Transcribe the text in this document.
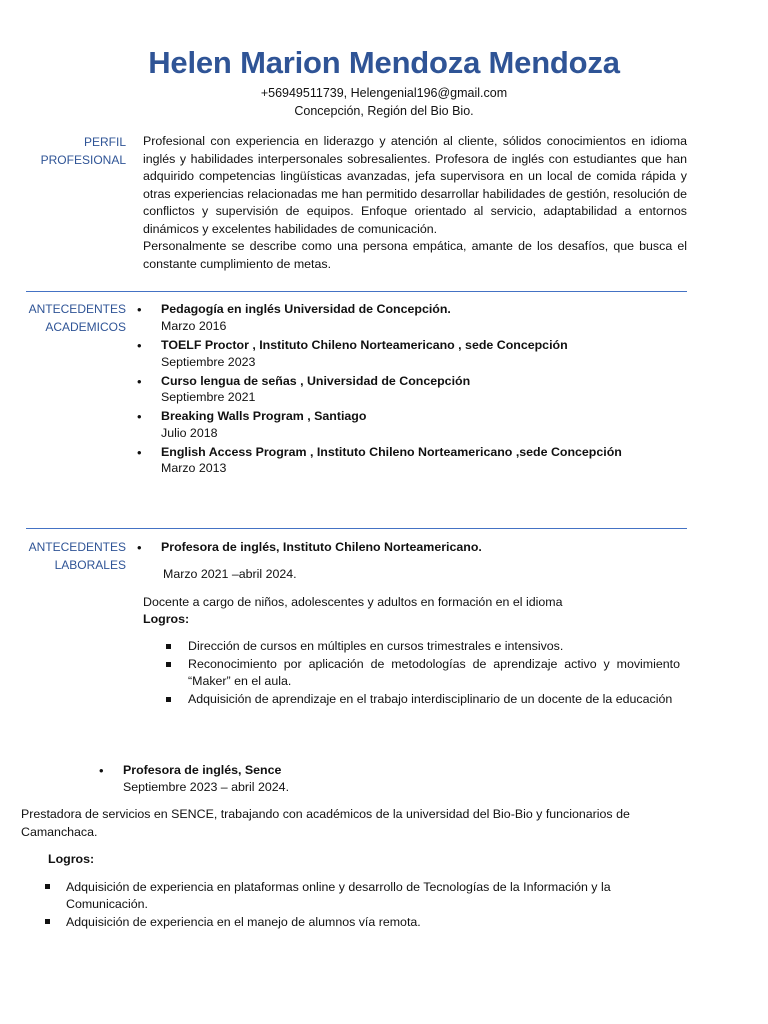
Helen Marion Mendoza Mendoza
+56949511739, Helengenial196@gmail.com
Concepción, Región del Bio Bio.
PERFIL
PROFESIONAL
Profesional con experiencia en liderazgo y atención al cliente, sólidos conocimientos en idioma inglés y habilidades interpersonales sobresalientes. Profesora de inglés con estudiantes que han adquirido competencias lingüísticas avanzadas, jefa supervisora en un local de comida rápida y otras experiencias relacionadas me han permitido desarrollar habilidades de gestión, resolución de conflictos y supervisión de equipos. Enfoque orientado al servicio, adaptabilidad a entornos dinámicos y excelentes habilidades de comunicación.
Personalmente se describe como una persona empática, amante de los desafíos, que busca el constante cumplimiento de metas.
ANTECEDENTES
ACADEMICOS
• Pedagogía en inglés Universidad de Concepción.
Marzo 2016
• TOELF Proctor , Instituto Chileno Norteamericano , sede Concepción
Septiembre 2023
• Curso lengua de señas , Universidad de Concepción
Septiembre 2021
• Breaking Walls Program , Santiago
Julio 2018
• English Access Program , Instituto Chileno Norteamericano ,sede Concepción
Marzo 2013
ANTECEDENTES
LABORALES
• Profesora de inglés, Instituto Chileno Norteamericano.
Marzo 2021 –abril 2024.
Docente a cargo de niños, adolescentes y adultos en formación en el idioma
Logros:
Dirección de cursos en múltiples en cursos trimestrales e intensivos.
Reconocimiento por aplicación de metodologías de aprendizaje activo y movimiento “Maker” en el aula.
Adquisición de aprendizaje en el trabajo interdisciplinario de un docente de la educación
• Profesora de inglés, Sence
Septiembre 2023 – abril 2024.
Prestadora de servicios en SENCE, trabajando con académicos de la universidad del Bio-Bio y funcionarios de Camanchaca.
Logros:
Adquisición de experiencia en plataformas online y desarrollo de Tecnologías de la Información y la Comunicación.
Adquisición de experiencia en el manejo de alumnos vía remota.
